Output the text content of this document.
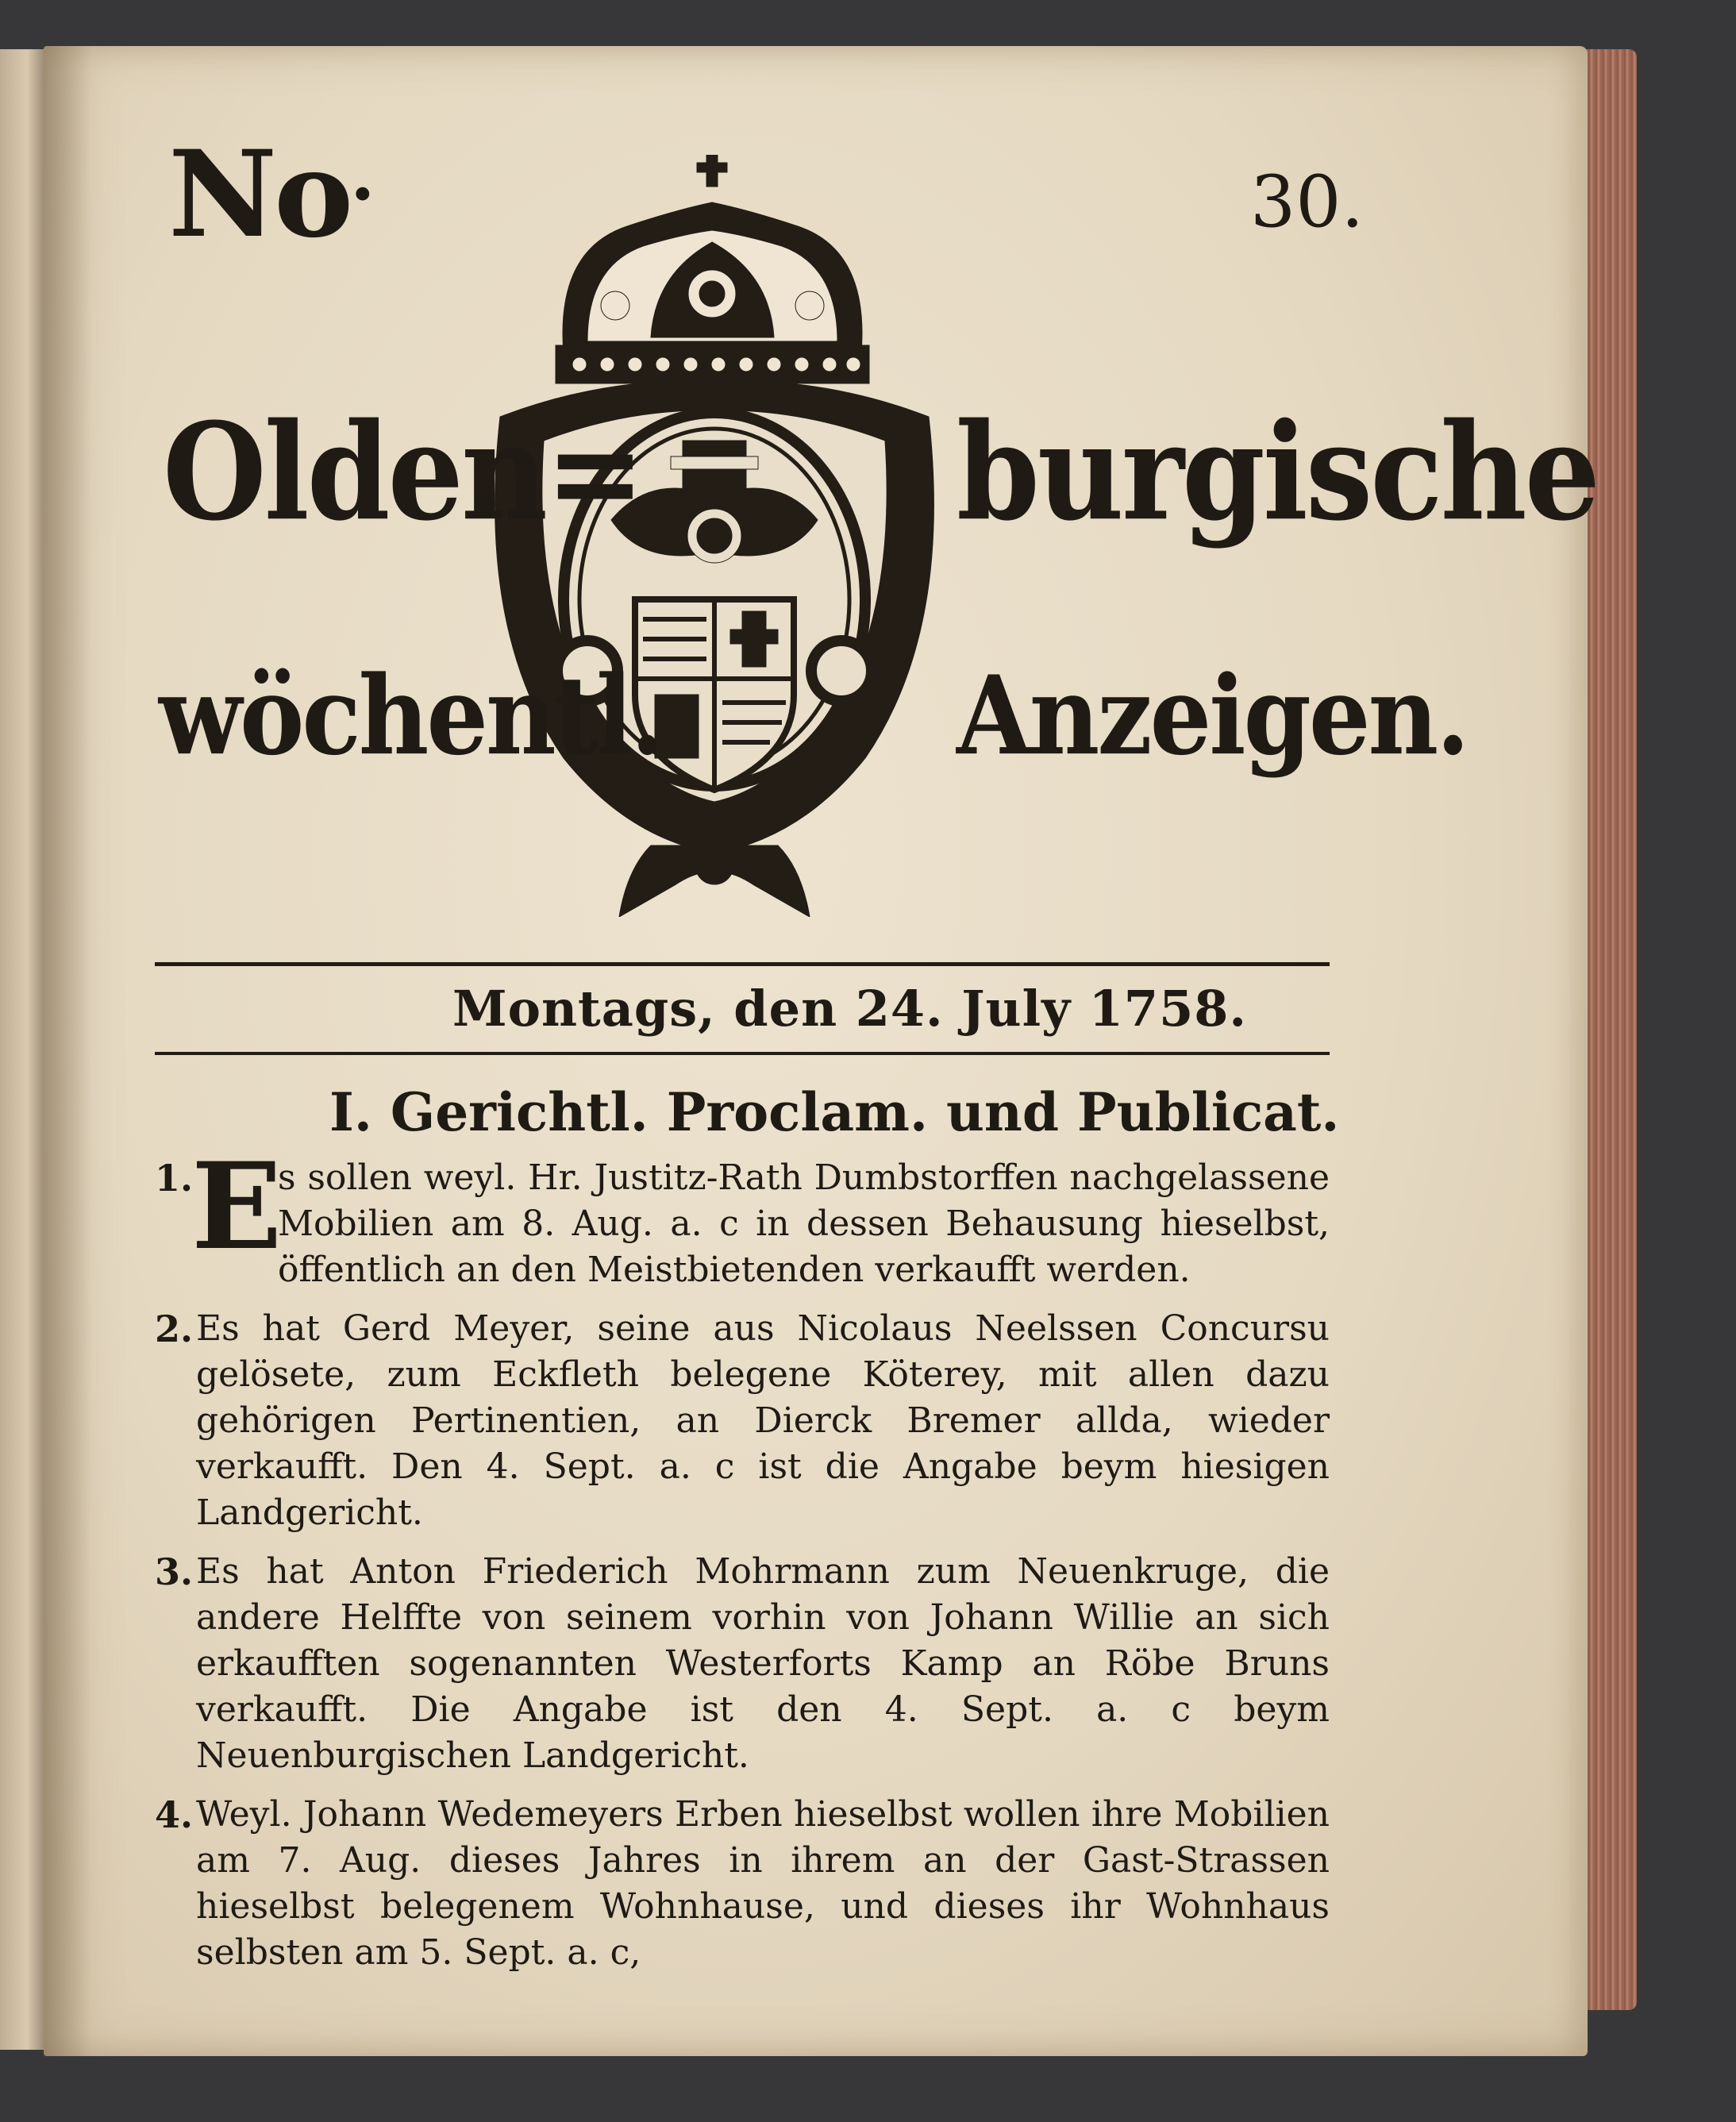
No.	30.
Olden=	burgische
wöchentl.	Anzeigen.
Montags, den 24. July 1758.
I. Gerichtl. Proclam. und Publicat.
1.
E
s sollen weyl. Hr. Justitz-Rath Dumbstorffen nachgelassene Mobilien am 8. Aug. a. c in dessen Behausung hieselbst, öffentlich an den Meistbietenden verkaufft werden.
2. Es hat Gerd Meyer, seine aus Nicolaus Neelssen Concursu gelösete, zum Eckfleth belegene Köterey, mit allen dazu gehörigen Pertinentien, an Dierck Bremer allda, wieder verkaufft. Den 4. Sept. a. c ist die Angabe beym hiesigen Landgericht.
3. Es hat Anton Friederich Mohrmann zum Neuenkruge, die andere Helffte von seinem vorhin von Johann Willie an sich erkaufften sogenannten Westerforts Kamp an Röbe Bruns verkaufft. Die Angabe ist den 4. Sept. a. c beym Neuenburgischen Landgericht.
4. Weyl. Johann Wedemeyers Erben hieselbst wollen ihre Mobilien am 7. Aug. dieses Jahres in ihrem an der Gast-Strassen hieselbst belegenem Wohnhause, und dieses ihr Wohnhaus selbsten am 5. Sept. a. c,
